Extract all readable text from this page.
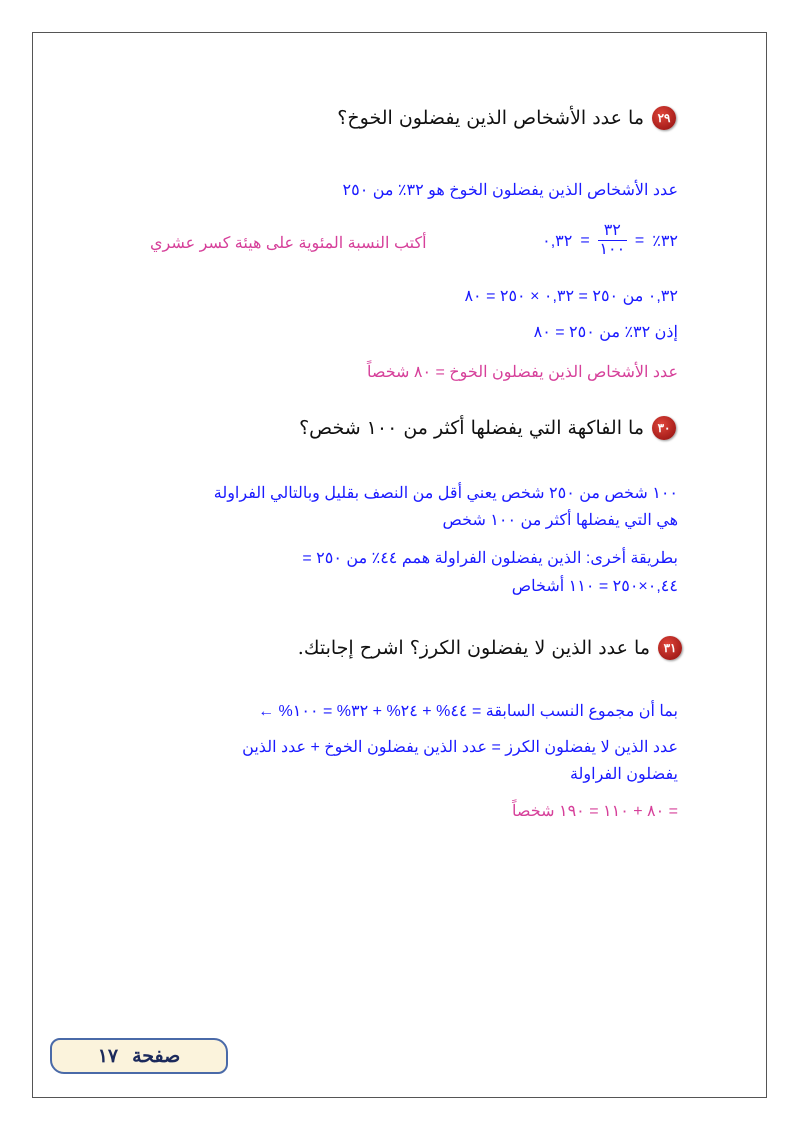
٢٩
ما عدد الأشخاص الذين يفضلون الخوخ؟
عدد الأشخاص الذين يفضلون الخوخ هو ٣٢٪ من ٢٥٠
٣٢٪
=
$\frac{٣٢}{١٠٠}$
=
٠,٣٢
أكتب النسبة المئوية على هيئة كسر عشري
٠,٣٢ من ٢٥٠ = ٠,٣٢ × ٢٥٠ = ٨٠
إذن ٣٢٪ من ٢٥٠ = ٨٠
عدد الأشخاص الذين يفضلون الخوخ = ٨٠ شخصاً
٣٠
ما الفاكهة التي يفضلها أكثر من ١٠٠ شخص؟
١٠٠ شخص من ٢٥٠ شخص يعني أقل من النصف بقليل وبالتالي الفراولة
هي التي يفضلها أكثر من ١٠٠ شخص
بطريقة أخرى: الذين يفضلون الفراولة همم ٤٤٪ من ٢٥٠ =
٠,٤٤×٢٥٠ = ١١٠ أشخاص
٣١
ما عدد الذين لا يفضلون الكرز؟ اشرح إجابتك.
بما أن مجموع النسب السابقة = ٤٤% + ٢٤% + ٣٢% = ١٠٠% ←
عدد الذين لا يفضلون الكرز = عدد الذين يفضلون الخوخ + عدد الذين
يفضلون الفراولة
= ٨٠ + ١١٠ = ١٩٠ شخصاً
صفحة
١٧
